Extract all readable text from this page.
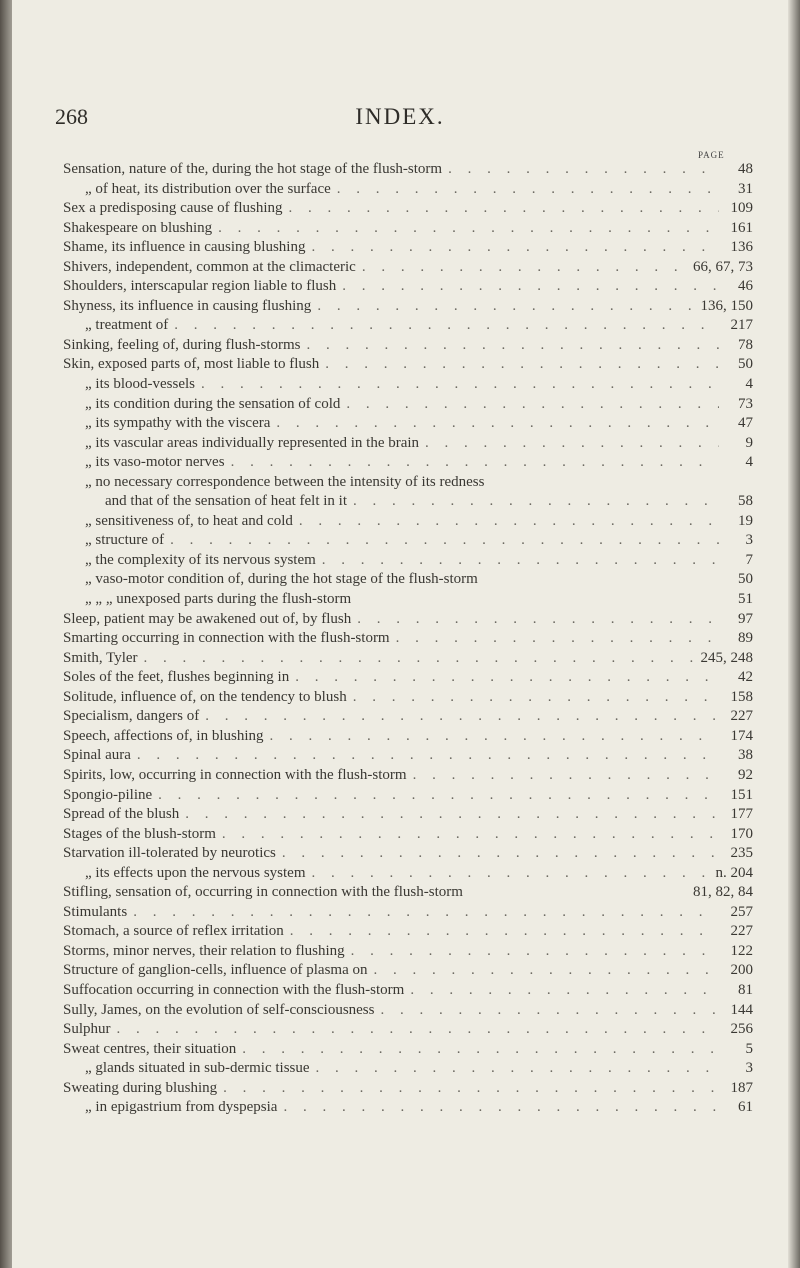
268	INDEX.
PAGE
Sensation, nature of the, during the hot stage of the flush-storm . . .	48
„ of heat, its distribution over the surface . . .	31
Sex a predisposing cause of flushing . . .	109
Shakespeare on blushing . . .	161
Shame, its influence in causing blushing . . .	136
Shivers, independent, common at the climacteric . . .	66, 67, 73
Shoulders, interscapular region liable to flush . . .	46
Shyness, its influence in causing flushing . . .	136, 150
„ treatment of . . .	217
Sinking, feeling of, during flush-storms . . .	78
Skin, exposed parts of, most liable to flush . . .	50
„ its blood-vessels . . .	4
„ its condition during the sensation of cold . . .	73
„ its sympathy with the viscera . . .	47
„ its vascular areas individually represented in the brain . . .	9
„ its vaso-motor nerves . . .	4
„ no necessary correspondence between the intensity of its redness
and that of the sensation of heat felt in it . . .	58
„ sensitiveness of, to heat and cold . . .	19
„ structure of . . .	3
„ the complexity of its nervous system . . .	7
„ vaso-motor condition of, during the hot stage of the flush-storm	50
„ „ „ unexposed parts during the flush-storm	51
Sleep, patient may be awakened out of, by flush . . .	97
Smarting occurring in connection with the flush-storm . . .	89
Smith, Tyler . . .	245, 248
Soles of the feet, flushes beginning in . . .	42
Solitude, influence of, on the tendency to blush . . .	158
Specialism, dangers of . . .	227
Speech, affections of, in blushing . . .	174
Spinal aura . . .	38
Spirits, low, occurring in connection with the flush-storm . . .	92
Spongio-piline . . .	151
Spread of the blush . . .	177
Stages of the blush-storm . . .	170
Starvation ill-tolerated by neurotics . . .	235
„ its effects upon the nervous system . . .	n. 204
Stifling, sensation of, occurring in connection with the flush-storm	81, 82, 84
Stimulants . . .	257
Stomach, a source of reflex irritation . . .	227
Storms, minor nerves, their relation to flushing . . .	122
Structure of ganglion-cells, influence of plasma on . . .	200
Suffocation occurring in connection with the flush-storm . . .	81
Sully, James, on the evolution of self-consciousness . . .	144
Sulphur . . .	256
Sweat centres, their situation . . .	5
„ glands situated in sub-dermic tissue . . .	3
Sweating during blushing . . .	187
„ in epigastrium from dyspepsia . . .	61
